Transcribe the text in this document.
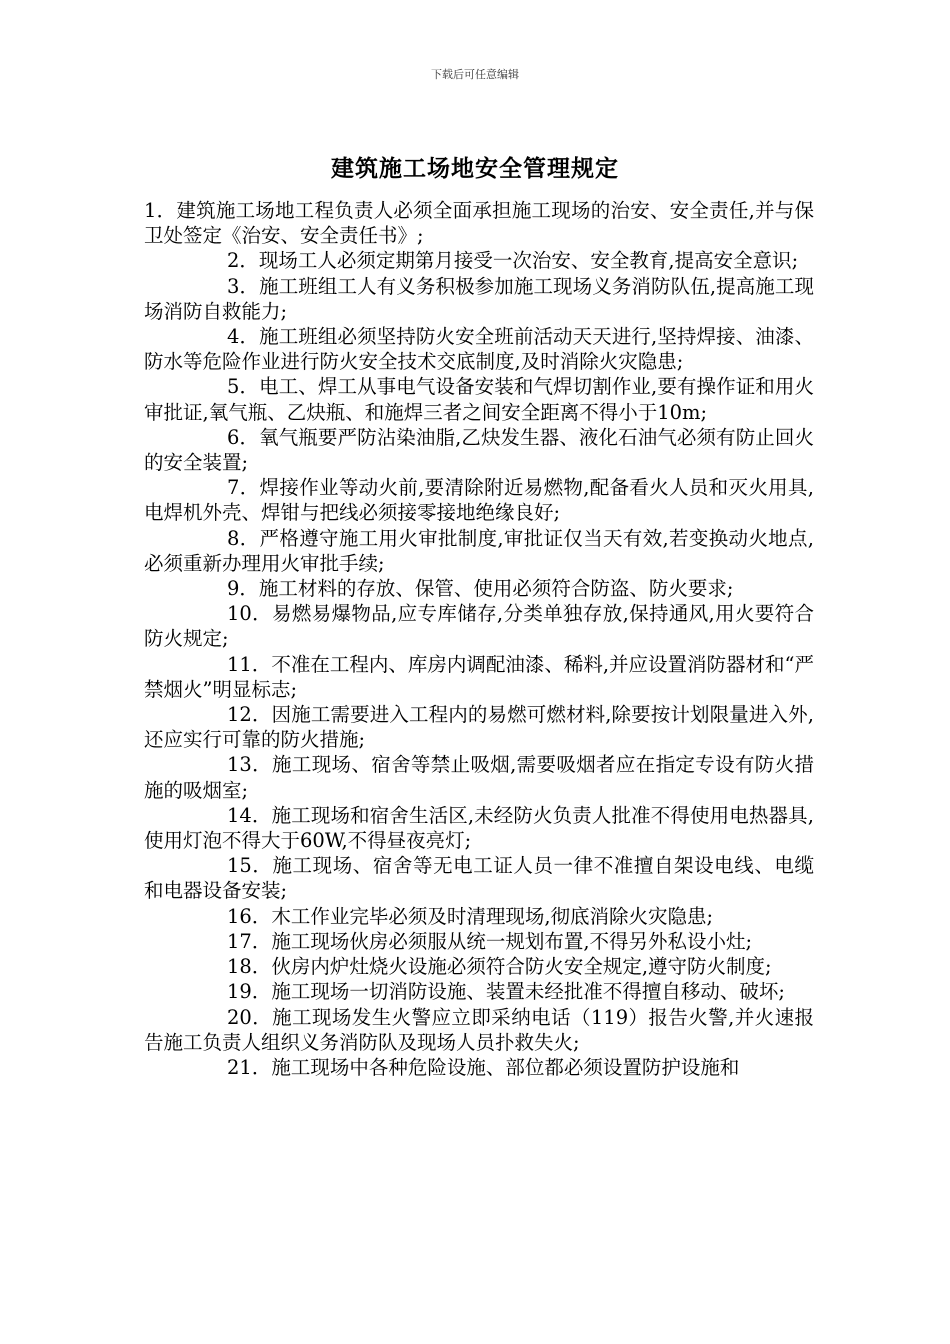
下载后可任意编辑
建筑施工场地安全管理规定

1．建筑施工场地工程负责人必须全面承担施工现场的治安、安全责任,并与保卫处签定《治安、安全责任书》;

2．现场工人必须定期第月接受一次治安、安全教育,提高安全意识;

3．施工班组工人有义务积极参加施工现场义务消防队伍,提高施工现场消防自救能力;

4．施工班组必须坚持防火安全班前活动天天进行,坚持焊接、油漆、防水等危险作业进行防火安全技术交底制度,及时消除火灾隐患;

5．电工、焊工从事电气设备安装和气焊切割作业,要有操作证和用火审批证,氧气瓶、乙炔瓶、和施焊三者之间安全距离不得小于10m;

6．氧气瓶要严防沾染油脂,乙炔发生器、液化石油气必须有防止回火的安全装置;

7．焊接作业等动火前,要清除附近易燃物,配备看火人员和灭火用具,电焊机外壳、焊钳与把线必须接零接地绝缘良好;

8．严格遵守施工用火审批制度,审批证仅当天有效,若变换动火地点,必须重新办理用火审批手续;

9．施工材料的存放、保管、使用必须符合防盗、防火要求;

10．易燃易爆物品,应专库储存,分类单独存放,保持通风,用火要符合防火规定;

11．不准在工程内、库房内调配油漆、稀料,并应设置消防器材和“严禁烟火”明显标志;

12．因施工需要进入工程内的易燃可燃材料,除要按计划限量进入外,还应实行可靠的防火措施;

13．施工现场、宿舍等禁止吸烟,需要吸烟者应在指定专设有防火措施的吸烟室;

14．施工现场和宿舍生活区,未经防火负责人批准不得使用电热器具,使用灯泡不得大于60W,不得昼夜亮灯;

15．施工现场、宿舍等无电工证人员一律不准擅自架设电线、电缆和电器设备安装;

16．木工作业完毕必须及时清理现场,彻底消除火灾隐患;

17．施工现场伙房必须服从统一规划布置,不得另外私设小灶;

18．伙房内炉灶烧火设施必须符合防火安全规定,遵守防火制度;

19．施工现场一切消防设施、装置未经批准不得擅自移动、破坏;

20．施工现场发生火警应立即采纳电话（119）报告火警,并火速报告施工负责人组织义务消防队及现场人员扑救失火;

21．施工现场中各种危险设施、部位都必须设置防护设施和
